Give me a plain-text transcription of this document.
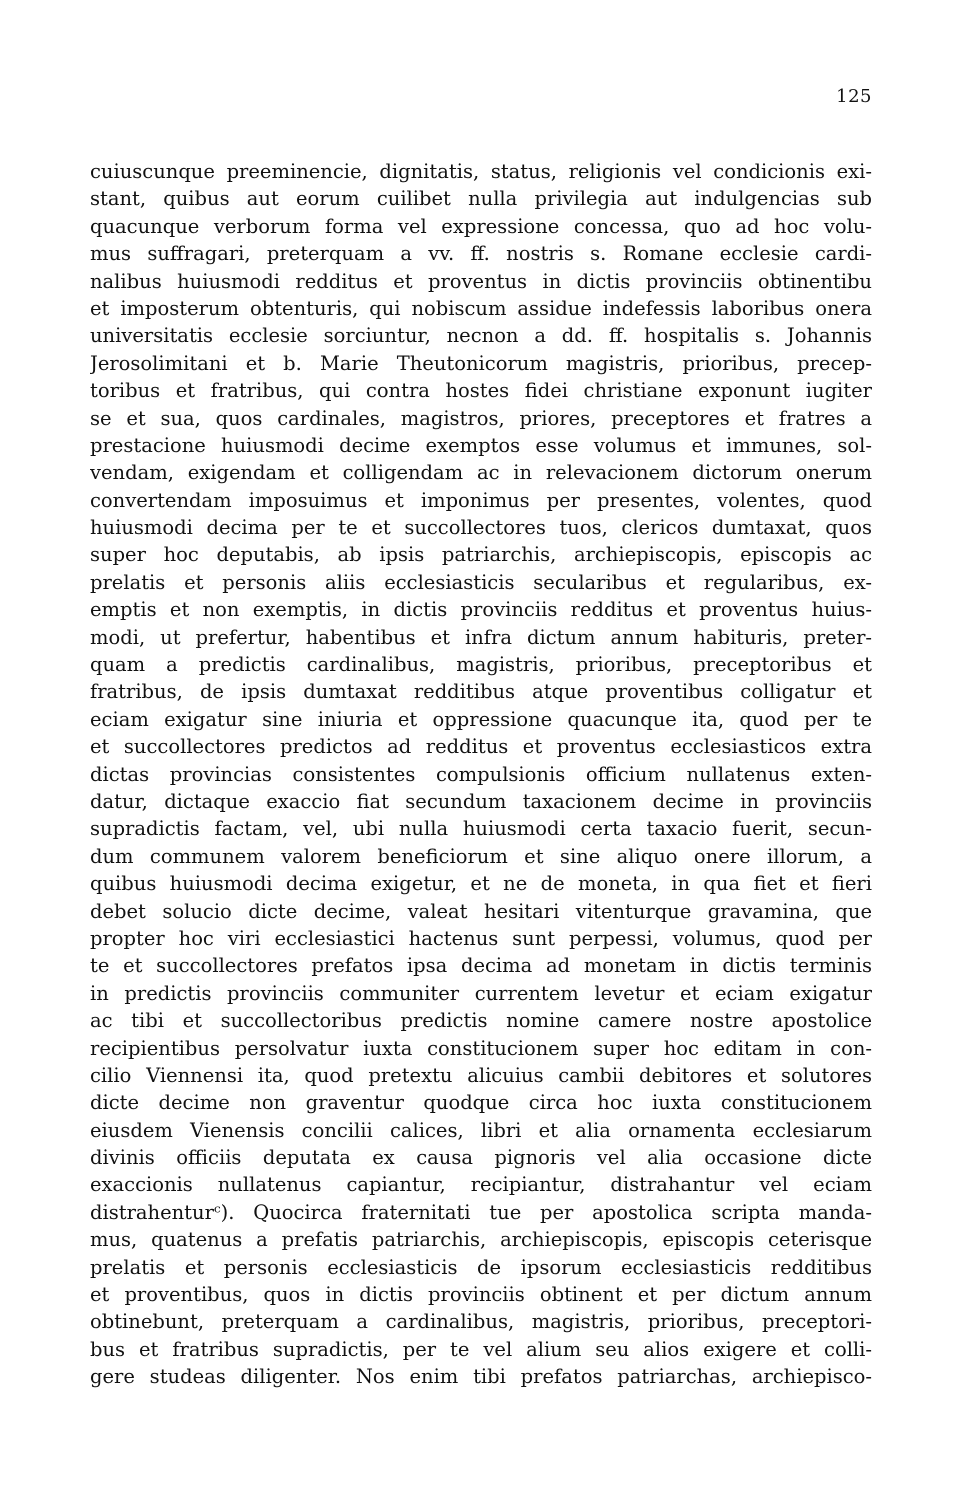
125
cuiuscunque preeminencie, dignitatis, status, religionis vel condicionis exi-
stant, quibus aut eorum cuilibet nulla privilegia aut indulgencias sub
quacunque verborum forma vel expressione concessa, quo ad hoc volu-
mus suffragari, preterquam a vv. ff. nostris s. Romane ecclesie cardi-
nalibus huiusmodi redditus et proventus in dictis provinciis obtinentibu
et imposterum obtenturis, qui nobiscum assidue indefessis laboribus onera
universitatis ecclesie sorciuntur, necnon a dd. ff. hospitalis s. Johannis
Jerosolimitani et b. Marie Theutonicorum magistris, prioribus, precep-
toribus et fratribus, qui contra hostes fidei christiane exponunt iugiter
se et sua, quos cardinales, magistros, priores, preceptores et fratres a
prestacione huiusmodi decime exemptos esse volumus et immunes, sol-
vendam, exigendam et colligendam ac in relevacionem dictorum onerum
convertendam imposuimus et imponimus per presentes, volentes, quod
huiusmodi decima per te et succollectores tuos, clericos dumtaxat, quos
super hoc deputabis, ab ipsis patriarchis, archiepiscopis, episcopis ac
prelatis et personis aliis ecclesiasticis secularibus et regularibus, ex-
emptis et non exemptis, in dictis provinciis redditus et proventus huius-
modi, ut prefertur, habentibus et infra dictum annum habituris, preter-
quam a predictis cardinalibus, magistris, prioribus, preceptoribus et
fratribus, de ipsis dumtaxat redditibus atque proventibus colligatur et
eciam exigatur sine iniuria et oppressione quacunque ita, quod per te
et succollectores predictos ad redditus et proventus ecclesiasticos extra
dictas provincias consistentes compulsionis officium nullatenus exten-
datur, dictaque exaccio fiat secundum taxacionem decime in provinciis
supradictis factam, vel, ubi nulla huiusmodi certa taxacio fuerit, secun-
dum communem valorem beneficiorum et sine aliquo onere illorum, a
quibus huiusmodi decima exigetur, et ne de moneta, in qua fiet et fieri
debet solucio dicte decime, valeat hesitari vitenturque gravamina, que
propter hoc viri ecclesiastici hactenus sunt perpessi, volumus, quod per
te et succollectores prefatos ipsa decima ad monetam in dictis terminis
in predictis provinciis communiter currentem levetur et eciam exigatur
ac tibi et succollectoribus predictis nomine camere nostre apostolice
recipientibus persolvatur iuxta constitucionem super hoc editam in con-
cilio Viennensi ita, quod pretextu alicuius cambii debitores et solutores
dicte decime non graventur quodque circa hoc iuxta constitucionem
eiusdem Vienensis concilii calices, libri et alia ornamenta ecclesiarum
divinis officiis deputata ex causa pignoris vel alia occasione dicte
exaccionis nullatenus capiantur, recipiantur, distrahantur vel eciam
distrahenturᶜ). Quocirca fraternitati tue per apostolica scripta manda-
mus, quatenus a prefatis patriarchis, archiepiscopis, episcopis ceterisque
prelatis et personis ecclesiasticis de ipsorum ecclesiasticis redditibus
et proventibus, quos in dictis provinciis obtinent et per dictum annum
obtinebunt, preterquam a cardinalibus, magistris, prioribus, preceptori-
bus et fratribus supradictis, per te vel alium seu alios exigere et colli-
gere studeas diligenter. Nos enim tibi prefatos patriarchas, archiepisco-
